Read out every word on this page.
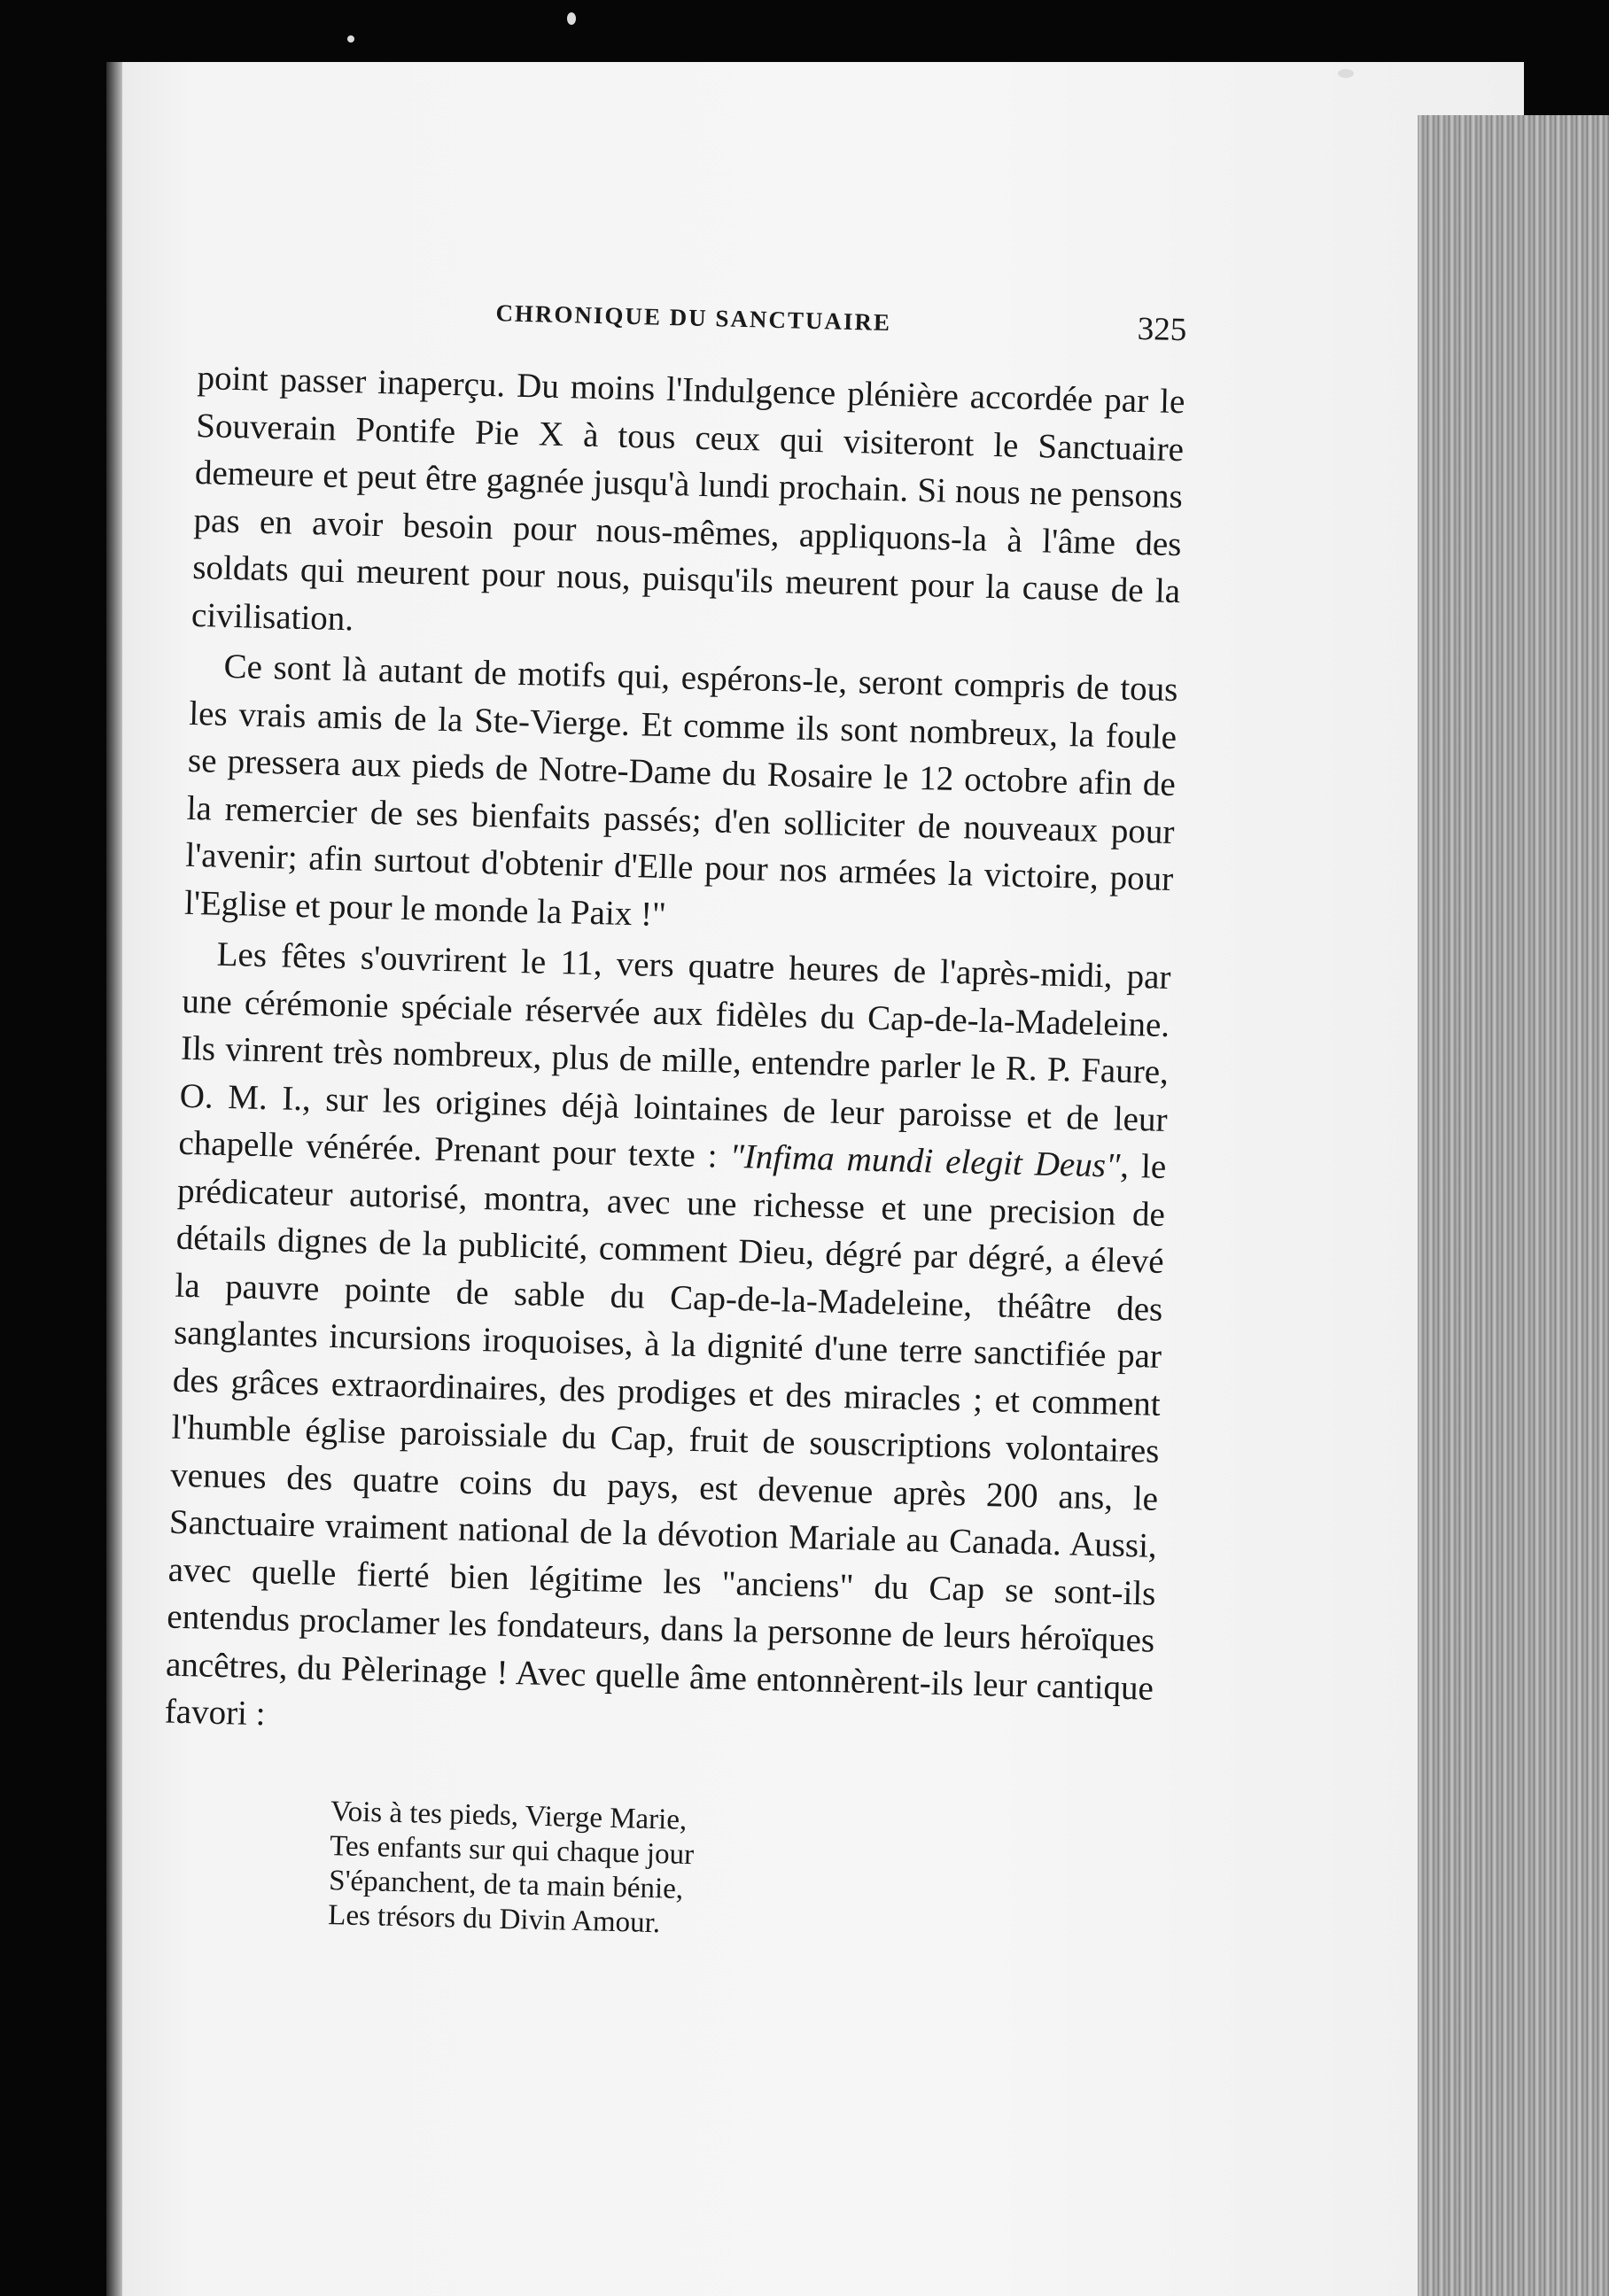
CHRONIQUE DU SANCTUAIRE	325

point passer inaperçu. Du moins l'Indulgence plénière accordée par le Souverain Pontife Pie X à tous ceux qui visiteront le Sanctuaire demeure et peut être gagnée jusqu'à lundi prochain. Si nous ne pensons pas en avoir besoin pour nous-mêmes, appliquons-la à l'âme des soldats qui meurent pour nous, puisqu'ils meurent pour la cause de la civilisation.

Ce sont là autant de motifs qui, espérons-le, seront compris de tous les vrais amis de la Ste-Vierge. Et comme ils sont nombreux, la foule se pressera aux pieds de Notre-Dame du Rosaire le 12 octobre afin de la remercier de ses bienfaits passés; d'en solliciter de nouveaux pour l'avenir; afin surtout d'obtenir d'Elle pour nos armées la victoire, pour l'Eglise et pour le monde la Paix !"

Les fêtes s'ouvrirent le 11, vers quatre heures de l'après-midi, par une cérémonie spéciale réservée aux fidèles du Cap-de-la-Madeleine. Ils vinrent très nombreux, plus de mille, entendre parler le R. P. Faure, O. M. I., sur les origines déjà lointaines de leur paroisse et de leur chapelle vénérée. Prenant pour texte : "Infima mundi elegit Deus", le prédicateur autorisé, montra, avec une richesse et une precision de détails dignes de la publicité, comment Dieu, dégré par dégré, a élevé la pauvre pointe de sable du Cap-de-la-Madeleine, théâtre des sanglantes incursions iroquoises, à la dignité d'une terre sanctifiée par des grâces extraordinaires, des prodiges et des miracles ; et comment l'humble église paroissiale du Cap, fruit de souscriptions volontaires venues des quatre coins du pays, est devenue après 200 ans, le Sanctuaire vraiment national de la dévotion Mariale au Canada. Aussi, avec quelle fierté bien légitime les "anciens" du Cap se sont-ils entendus proclamer les fondateurs, dans la personne de leurs héroïques ancêtres, du Pèlerinage ! Avec quelle âme entonnèrent-ils leur cantique favori :

Vois à tes pieds, Vierge Marie,
Tes enfants sur qui chaque jour
S'épanchent, de ta main bénie,
Les trésors du Divin Amour.
